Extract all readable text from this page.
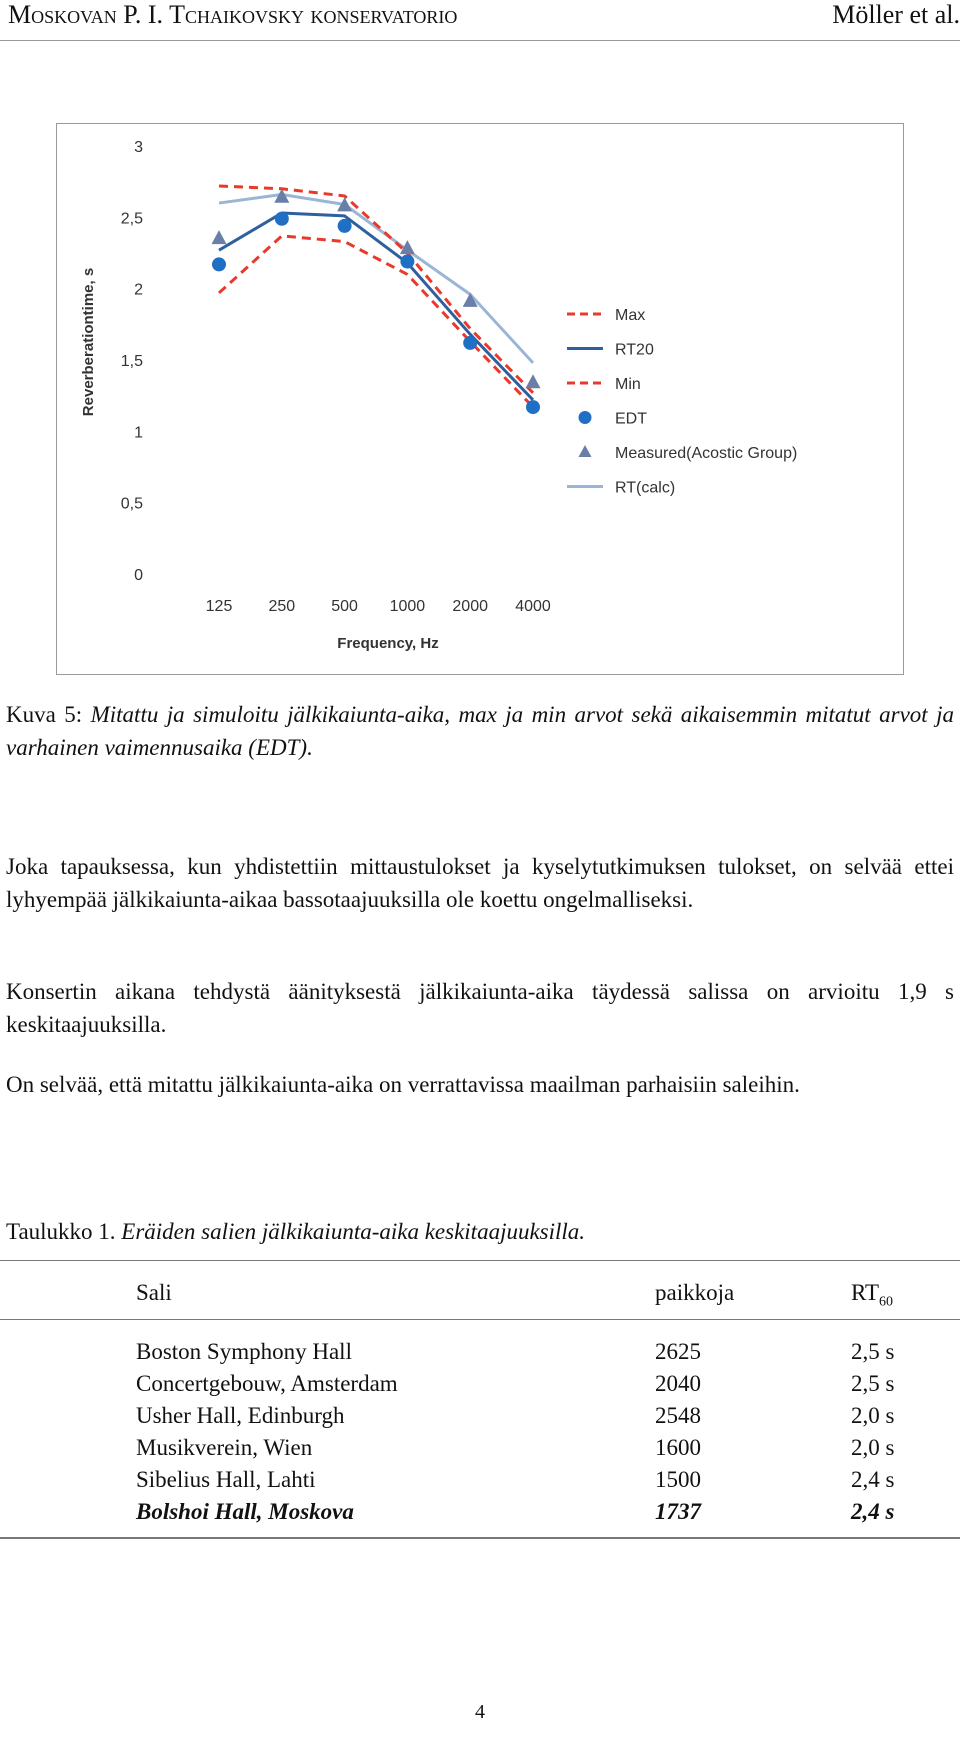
Moskovan P. I. Tchaikovsky konservatorio	Möller et al.
0
0,5
1
1,5
2
2,5
3
125 250 500 1000 2000 4000
Frequency, Hz
Reverberationtime, s	Max
RT20
Min
EDT
Measured(Acostic Group)
RT(calc)
Kuva 5: Mitattu ja simuloitu jälkikaiunta-aika, max ja min arvot sekä aikaisemmin mitatut arvot ja varhainen vaimennusaika (EDT).
Joka tapauksessa, kun yhdistettiin mittaustulokset ja kyselytutkimuksen tulokset, on selvää ettei lyhyempää jälkikaiunta-aikaa bassotaajuuksilla ole koettu ongelmalliseksi.
Konsertin aikana tehdystä äänityksestä jälkikaiunta-aika täydessä salissa on arvioitu 1,9 s keskitaajuuksilla.
On selvää, että mitattu jälkikaiunta-aika on verrattavissa maailman parhaisiin saleihin.
Taulukko 1. Eräiden salien jälkikaiunta-aika keskitaajuuksilla.
Sali	paikkoja	$RT_{60}$
Boston Symphony Hall	2625	2,5 s
Concertgebouw, Amsterdam	2040	2,5 s
Usher Hall, Edinburgh	2548	2,0 s
Musikverein, Wien	1600	2,0 s
Sibelius Hall, Lahti	1500	2,4 s
Bolshoi Hall, Moskova	1737	2,4 s
4
